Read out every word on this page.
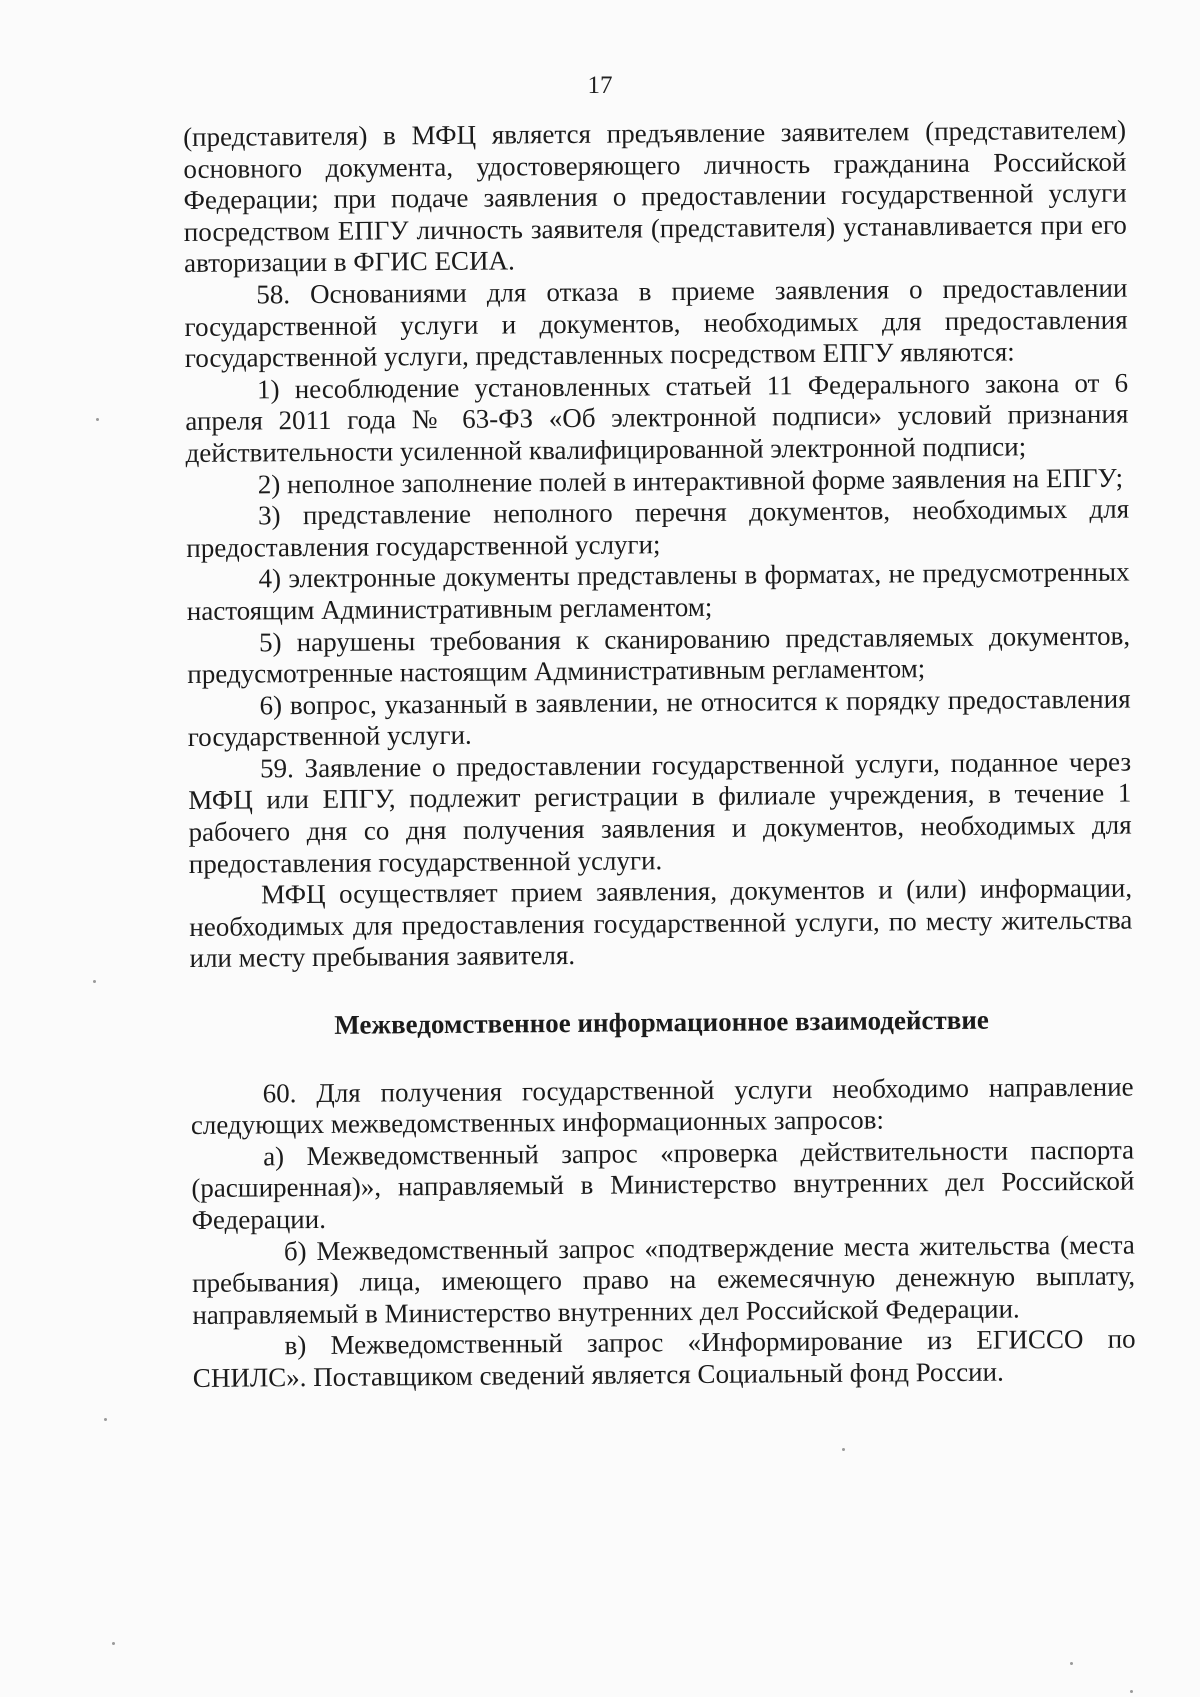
17

(представителя) в МФЦ является предъявление заявителем (представителем) основного документа, удостоверяющего личность гражданина Российской Федерации; при подаче заявления о предоставлении государственной услуги посредством ЕПГУ личность заявителя (представителя) устанавливается при его авторизации в ФГИС ЕСИА.

58. Основаниями для отказа в приеме заявления о предоставлении государственной услуги и документов, необходимых для предоставления государственной услуги, представленных посредством ЕПГУ являются:

1) несоблюдение установленных статьей 11 Федерального закона от 6 апреля 2011 года № 63-ФЗ «Об электронной подписи» условий признания действительности усиленной квалифицированной электронной подписи;

2) неполное заполнение полей в интерактивной форме заявления на ЕПГУ;

3) представление неполного перечня документов, необходимых для предоставления государственной услуги;

4) электронные документы представлены в форматах, не предусмотренных настоящим Административным регламентом;

5) нарушены требования к сканированию представляемых документов, предусмотренные настоящим Административным регламентом;

6) вопрос, указанный в заявлении, не относится к порядку предоставления государственной услуги.

59. Заявление о предоставлении государственной услуги, поданное через МФЦ или ЕПГУ, подлежит регистрации в филиале учреждения, в течение 1 рабочего дня со дня получения заявления и документов, необходимых для предоставления государственной услуги.

МФЦ осуществляет прием заявления, документов и (или) информации, необходимых для предоставления государственной услуги, по месту жительства или месту пребывания заявителя.

Межведомственное информационное взаимодействие

60. Для получения государственной услуги необходимо направление следующих межведомственных информационных запросов:

а) Межведомственный запрос «проверка действительности паспорта (расширенная)», направляемый в Министерство внутренних дел Российской Федерации.

б) Межведомственный запрос «подтверждение места жительства (места пребывания) лица, имеющего право на ежемесячную денежную выплату, направляемый в Министерство внутренних дел Российской Федерации.

в) Межведомственный запрос «Информирование из ЕГИССО по СНИЛС». Поставщиком сведений является Социальный фонд России.
